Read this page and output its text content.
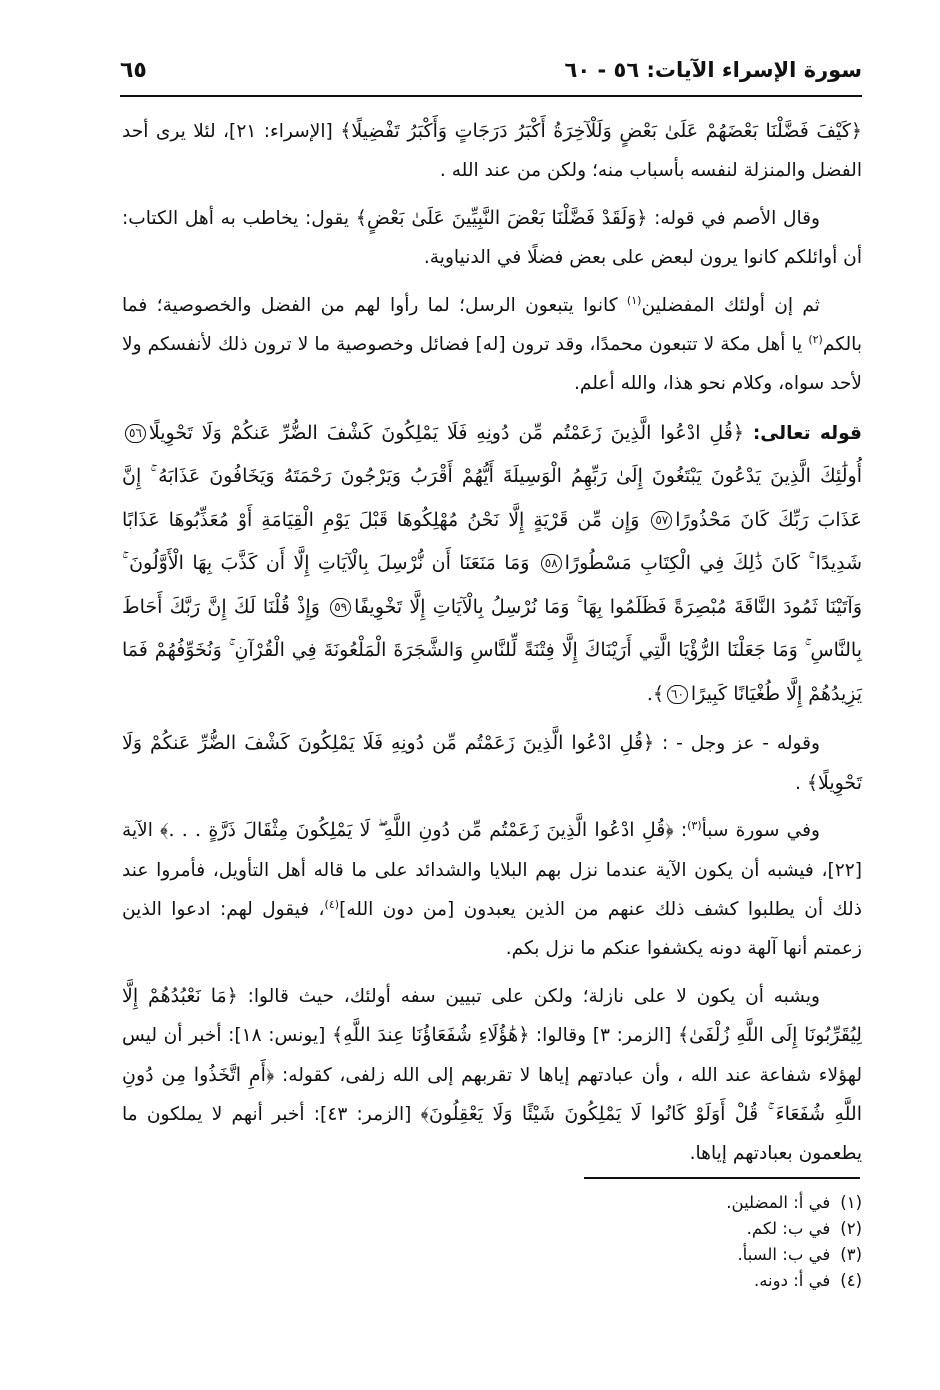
سورة الإسراء الآيات: ٥٦ - ٦٠
٦٥

﴿كَيْفَ فَضَّلْنَا بَعْضَهُمْ عَلَىٰ بَعْضٍ وَلَلْآخِرَةُ أَكْبَرُ دَرَجَاتٍ وَأَكْبَرُ تَفْضِيلًا﴾ [الإسراء: ٢١]، لئلا يرى أحد الفضل والمنزلة لنفسه بأسباب منه؛ ولكن من عند الله .

وقال الأصم في قوله: ﴿وَلَقَدْ فَضَّلْنَا بَعْضَ النَّبِيِّينَ عَلَىٰ بَعْضٍ﴾ يقول: يخاطب به أهل الكتاب: أن أوائلكم كانوا يرون لبعض على بعض فضلًا في الدنياوية.

ثم إن أولئك المفضلين$^{(١)}$ كانوا يتبعون الرسل؛ لما رأوا لهم من الفضل والخصوصية؛ فما بالكم$^{(٢)}$ يا أهل مكة لا تتبعون محمدًا، وقد ترون [له] فضائل وخصوصية ما لا ترون ذلك لأنفسكم ولا لأحد سواه، وكلام نحو هذا، والله أعلم.

قوله تعالى: ﴿قُلِ ادْعُوا الَّذِينَ زَعَمْتُم مِّن دُونِهِ فَلَا يَمْلِكُونَ كَشْفَ الضُّرِّ عَنكُمْ وَلَا تَحْوِيلًا٥٦ أُولَٰئِكَ الَّذِينَ يَدْعُونَ يَبْتَغُونَ إِلَىٰ رَبِّهِمُ الْوَسِيلَةَ أَيُّهُمْ أَقْرَبُ وَيَرْجُونَ رَحْمَتَهُ وَيَخَافُونَ عَذَابَهُ ۚ إِنَّ عَذَابَ رَبِّكَ كَانَ مَحْذُورًا٥٧ وَإِن مِّن قَرْيَةٍ إِلَّا نَحْنُ مُهْلِكُوهَا قَبْلَ يَوْمِ الْقِيَامَةِ أَوْ مُعَذِّبُوهَا عَذَابًا شَدِيدًا ۚ كَانَ ذَٰلِكَ فِي الْكِتَابِ مَسْطُورًا٥٨ وَمَا مَنَعَنَا أَن نُّرْسِلَ بِالْآيَاتِ إِلَّا أَن كَذَّبَ بِهَا الْأَوَّلُونَ ۚ وَآتَيْنَا ثَمُودَ النَّاقَةَ مُبْصِرَةً فَظَلَمُوا بِهَا ۚ وَمَا نُرْسِلُ بِالْآيَاتِ إِلَّا تَخْوِيفًا٥٩ وَإِذْ قُلْنَا لَكَ إِنَّ رَبَّكَ أَحَاطَ بِالنَّاسِ ۚ وَمَا جَعَلْنَا الرُّؤْيَا الَّتِي أَرَيْنَاكَ إِلَّا فِتْنَةً لِّلنَّاسِ وَالشَّجَرَةَ الْمَلْعُونَةَ فِي الْقُرْآنِ ۚ وَنُخَوِّفُهُمْ فَمَا يَزِيدُهُمْ إِلَّا طُغْيَانًا كَبِيرًا٦٠﴾.

وقوله - عز وجل - : ﴿قُلِ ادْعُوا الَّذِينَ زَعَمْتُم مِّن دُونِهِ فَلَا يَمْلِكُونَ كَشْفَ الضُّرِّ عَنكُمْ وَلَا تَحْوِيلًا﴾ .

وفي سورة سبأ$^{(٣)}$: ﴿قُلِ ادْعُوا الَّذِينَ زَعَمْتُم مِّن دُونِ اللَّهِ ۖ لَا يَمْلِكُونَ مِثْقَالَ ذَرَّةٍ . . .﴾ الآية [٢٢]، فيشبه أن يكون الآية عندما نزل بهم البلايا والشدائد على ما قاله أهل التأويل، فأمروا عند ذلك أن يطلبوا كشف ذلك عنهم من الذين يعبدون [من دون الله]$^{(٤)}$، فيقول لهم: ادعوا الذين زعمتم أنها آلهة دونه يكشفوا عنكم ما نزل بكم.

ويشبه أن يكون لا على نازلة؛ ولكن على تبيين سفه أولئك، حيث قالوا: ﴿مَا نَعْبُدُهُمْ إِلَّا لِيُقَرِّبُونَا إِلَى اللَّهِ زُلْفَىٰ﴾ [الزمر: ٣] وقالوا: ﴿هَٰؤُلَاءِ شُفَعَاؤُنَا عِندَ اللَّهِ﴾ [يونس: ١٨]: أخبر أن ليس لهؤلاء شفاعة عند الله ، وأن عبادتهم إياها لا تقربهم إلى الله زلفى، كقوله: ﴿أَمِ اتَّخَذُوا مِن دُونِ اللَّهِ شُفَعَاءَ ۚ قُلْ أَوَلَوْ كَانُوا لَا يَمْلِكُونَ شَيْئًا وَلَا يَعْقِلُونَ﴾ [الزمر: ٤٣]: أخبر أنهم لا يملكون ما يطعمون بعبادتهم إياها.

(١)في أ: المضلين.
(٢)في ب: لكم.
(٣)في ب: السبأ.
(٤)في أ: دونه.
